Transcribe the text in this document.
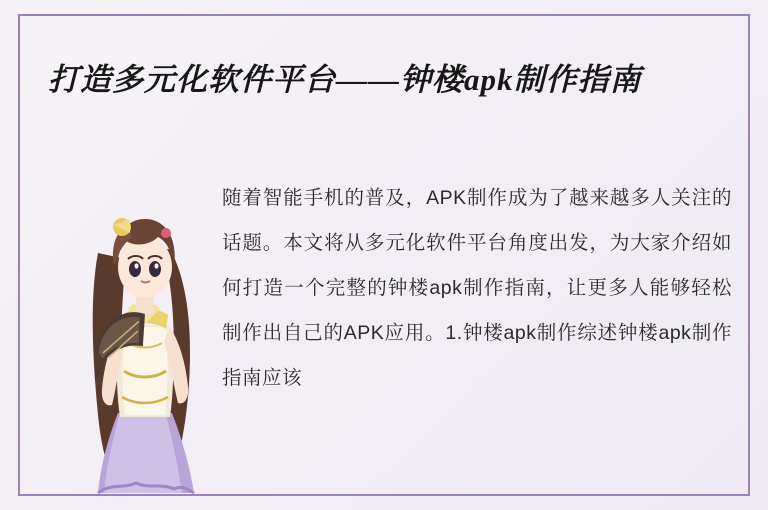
打造多元化软件平台——钟楼apk制作指南

随着智能手机的普及，APK制作成为了越来越多人关注的话题。本文将从多元化软件平台角度出发，为大家介绍如何打造一个完整的钟楼apk制作指南，让更多人能够轻松制作出自己的APK应用。1.钟楼apk制作综述钟楼apk制作指南应该
